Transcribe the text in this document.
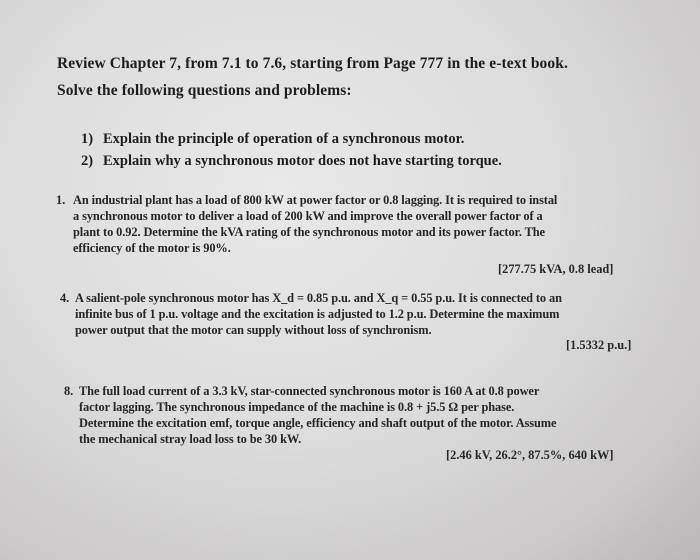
Review Chapter 7, from 7.1 to 7.6, starting from Page 777 in the e-text book.
Solve the following questions and problems:
1) Explain the principle of operation of a synchronous motor.
2) Explain why a synchronous motor does not have starting torque.
1. An industrial plant has a load of 800 kW at power factor or 0.8 lagging. It is required to instal
a synchronous motor to deliver a load of 200 kW and improve the overall power factor of a
plant to 0.92. Determine the kVA rating of the synchronous motor and its power factor. The
efficiency of the motor is 90%.
[277.75 kVA, 0.8 lead]
4. A salient-pole synchronous motor has X_d = 0.85 p.u. and X_q = 0.55 p.u. It is connected to an
infinite bus of 1 p.u. voltage and the excitation is adjusted to 1.2 p.u. Determine the maximum
power output that the motor can supply without loss of synchronism.
[1.5332 p.u.]
8. The full load current of a 3.3 kV, star-connected synchronous motor is 160 A at 0.8 power
factor lagging. The synchronous impedance of the machine is 0.8 + j5.5 Ω per phase.
Determine the excitation emf, torque angle, efficiency and shaft output of the motor. Assume
the mechanical stray load loss to be 30 kW.
[2.46 kV, 26.2°, 87.5%, 640 kW]
